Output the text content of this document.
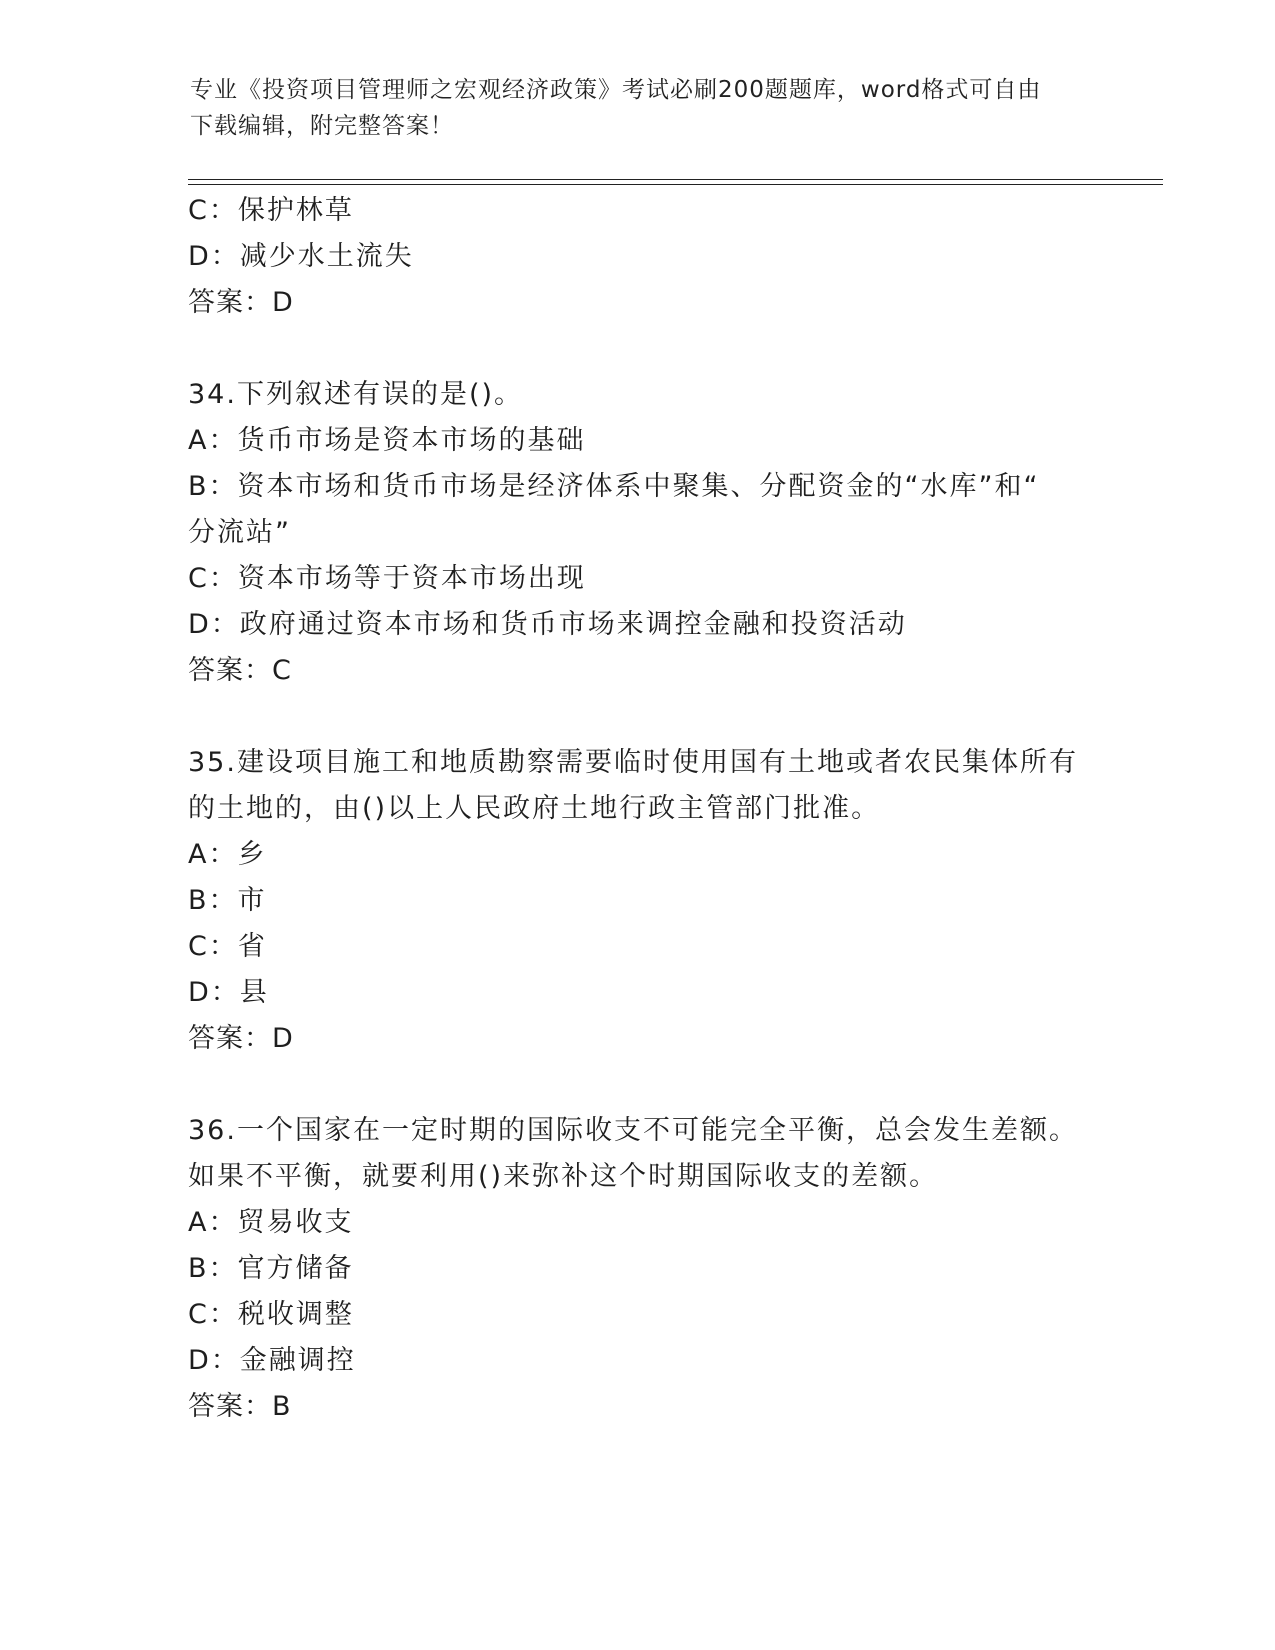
专业《投资项目管理师之宏观经济政策》考试必刷200题题库，word格式可自由
下载编辑，附完整答案！
C：保护林草
D：减少水土流失
答案：D
34.下列叙述有误的是()。
A：货币市场是资本市场的基础
B：资本市场和货币市场是经济体系中聚集、分配资金的“水库”和“
分流站”
C：资本市场等于资本市场出现
D：政府通过资本市场和货币市场来调控金融和投资活动
答案：C
35.建设项目施工和地质勘察需要临时使用国有土地或者农民集体所有
的土地的，由()以上人民政府土地行政主管部门批准。
A：乡
B：市
C：省
D：县
答案：D
36.一个国家在一定时期的国际收支不可能完全平衡，总会发生差额。
如果不平衡，就要利用()来弥补这个时期国际收支的差额。
A：贸易收支
B：官方储备
C：税收调整
D：金融调控
答案：B
